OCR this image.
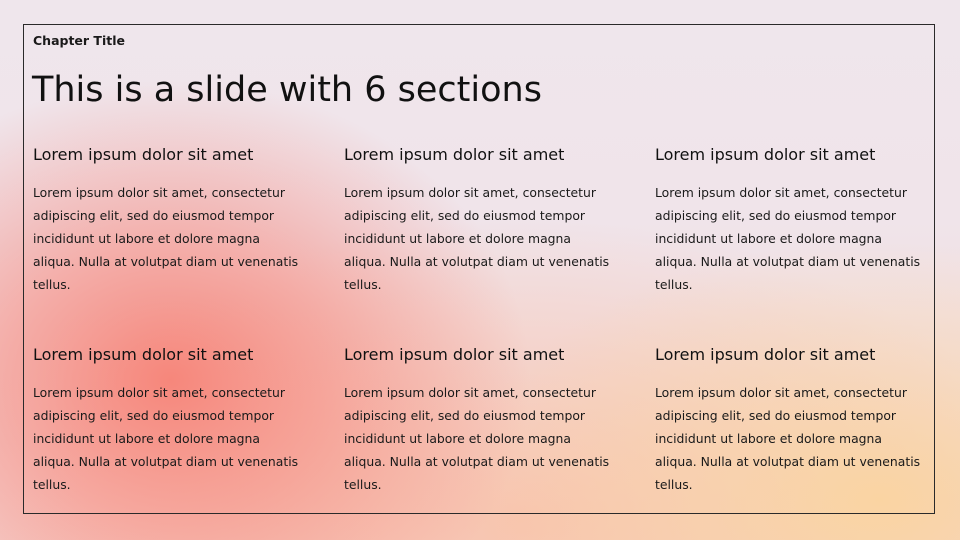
Chapter Title
This is a slide with 6 sections

Lorem ipsum dolor sit amet

Lorem ipsum dolor sit amet, consectetur adipiscing elit, sed do eiusmod tempor incididunt ut labore et dolore magna aliqua. Nulla at volutpat diam ut venenatis tellus.

Lorem ipsum dolor sit amet

Lorem ipsum dolor sit amet, consectetur adipiscing elit, sed do eiusmod tempor incididunt ut labore et dolore magna aliqua. Nulla at volutpat diam ut venenatis tellus.

Lorem ipsum dolor sit amet

Lorem ipsum dolor sit amet, consectetur adipiscing elit, sed do eiusmod tempor incididunt ut labore et dolore magna aliqua. Nulla at volutpat diam ut venenatis tellus.

Lorem ipsum dolor sit amet

Lorem ipsum dolor sit amet, consectetur adipiscing elit, sed do eiusmod tempor incididunt ut labore et dolore magna aliqua. Nulla at volutpat diam ut venenatis tellus.

Lorem ipsum dolor sit amet

Lorem ipsum dolor sit amet, consectetur adipiscing elit, sed do eiusmod tempor incididunt ut labore et dolore magna aliqua. Nulla at volutpat diam ut venenatis tellus.

Lorem ipsum dolor sit amet

Lorem ipsum dolor sit amet, consectetur adipiscing elit, sed do eiusmod tempor incididunt ut labore et dolore magna aliqua. Nulla at volutpat diam ut venenatis tellus.
